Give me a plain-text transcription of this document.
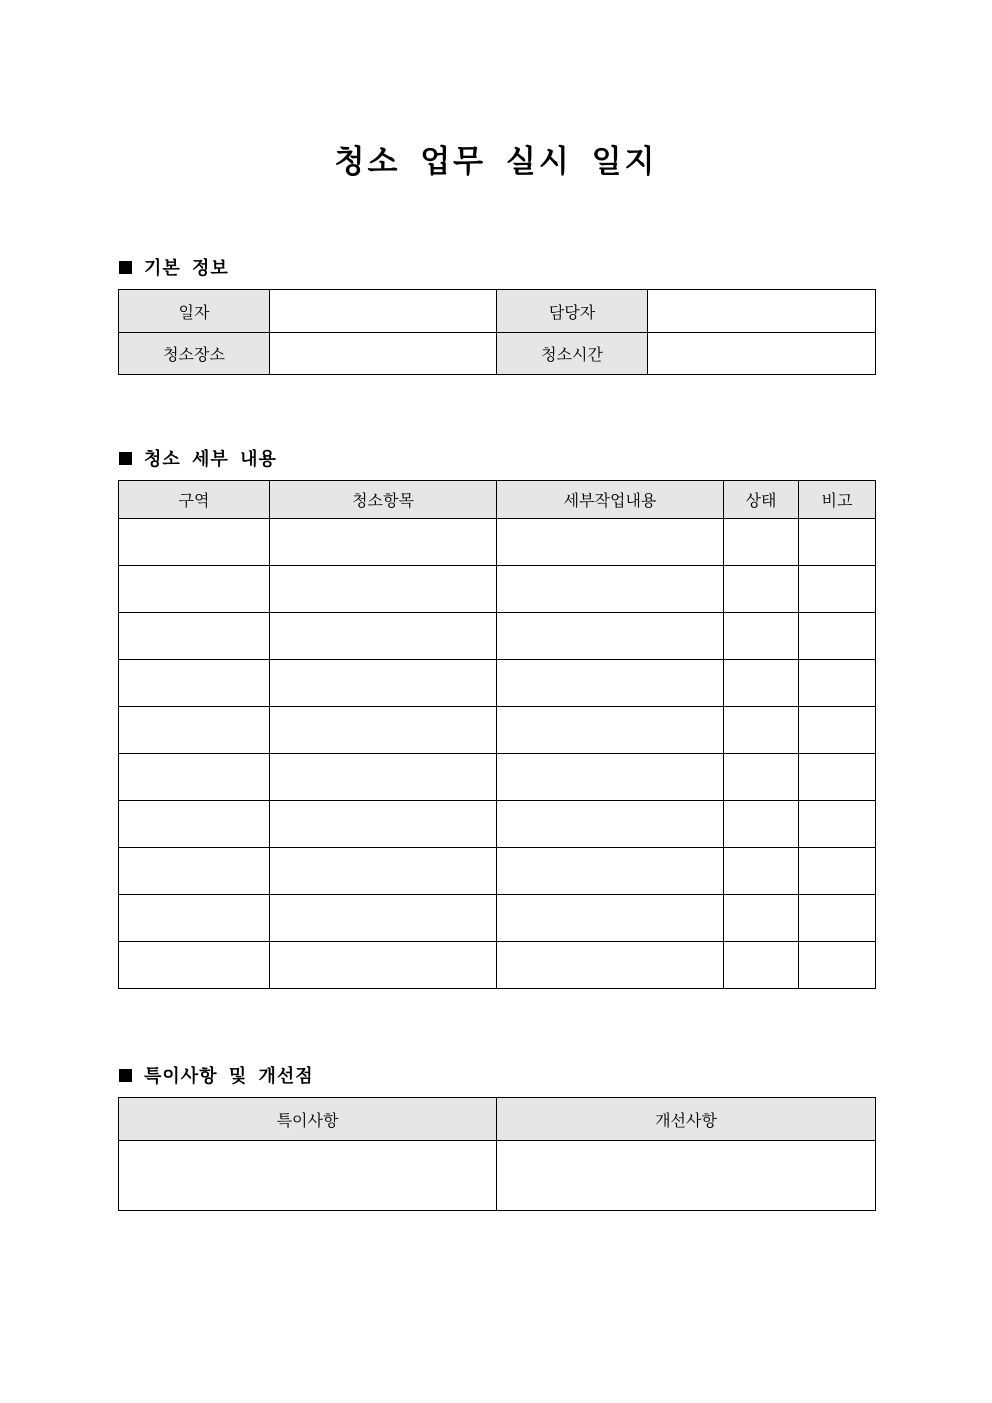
청소 업무 실시 일지
기본 정보
일자		담당자	
청소장소		청소시간	
청소 세부 내용
구역	청소항목	세부작업내용	상태	비고

특이사항 및 개선점
특이사항	개선사항
